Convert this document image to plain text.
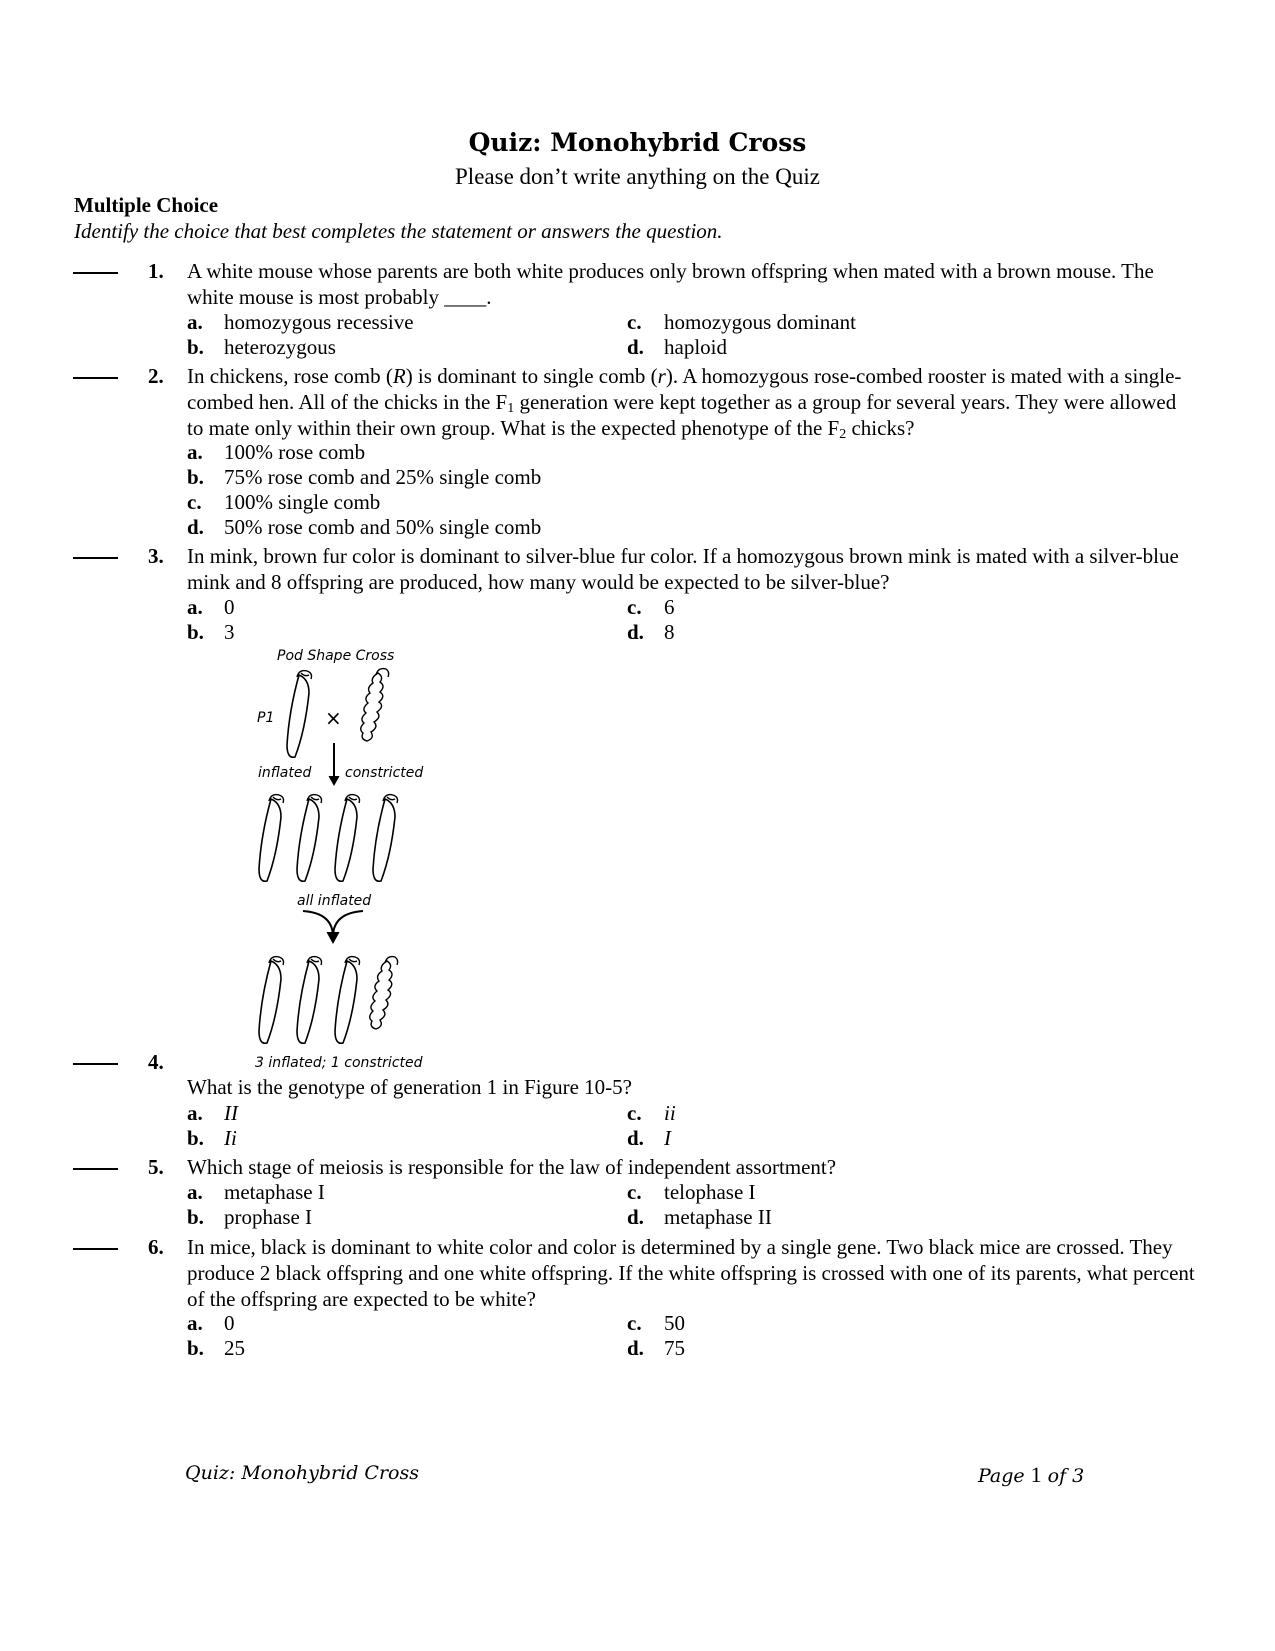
Quiz: Monohybrid Cross
Please don’t write anything on the Quiz
Multiple Choice
Identify the choice that best completes the statement or answers the question.
1. A white mouse whose parents are both white produces only brown offspring when mated with a brown mouse. The white mouse is most probably ____.
a. homozygous recessive
b. heterozygous
c. homozygous dominant
d. haploid
2. In chickens, rose comb (R) is dominant to single comb (r). A homozygous rose-combed rooster is mated with a single-combed hen. All of the chicks in the $F_1$ generation were kept together as a group for several years. They were allowed to mate only within their own group. What is the expected phenotype of the $F_2$ chicks?
a. 100% rose comb
b. 75% rose comb and 25% single comb
c. 100% single comb
d. 50% rose comb and 50% single comb
3. In mink, brown fur color is dominant to silver-blue fur color. If a homozygous brown mink is mated with a silver-blue mink and 8 offspring are produced, how many would be expected to be silver-blue?
a. 0
b. 3
c. 6
d. 8
Pod Shape Cross
P1	×
inflated constricted
all inflated
3 inflated; 1 constricted
4.
What is the genotype of generation 1 in Figure 10-5?
a. II
b. Ii
c. ii
d. I
5. Which stage of meiosis is responsible for the law of independent assortment?
a. metaphase I
b. prophase I
c. telophase I
d. metaphase II
6. In mice, black is dominant to white color and color is determined by a single gene. Two black mice are crossed. They produce 2 black offspring and one white offspring. If the white offspring is crossed with one of its parents, what percent of the offspring are expected to be white?
a. 0
b. 25
c. 50
d. 75
Quiz: Monohybrid Cross	Page 1 of 3
